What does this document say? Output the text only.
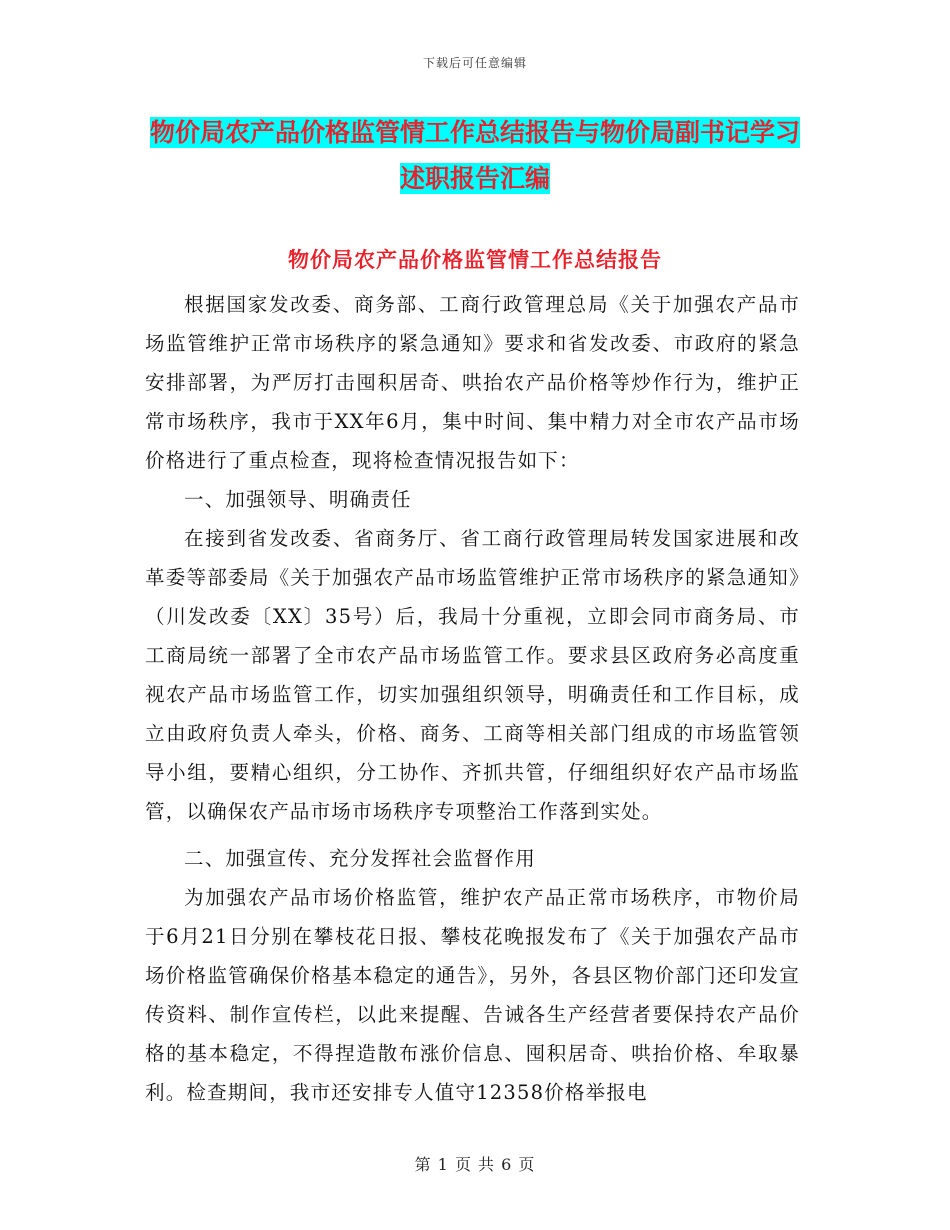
下载后可任意编辑
物价局农产品价格监管情工作总结报告与物价局副书记学习述职报告汇编
物价局农产品价格监管情工作总结报告

根据国家发改委、商务部、工商行政管理总局《关于加强农产品市场监管维护正常市场秩序的紧急通知》要求和省发改委、市政府的紧急安排部署，为严厉打击囤积居奇、哄抬农产品价格等炒作行为，维护正常市场秩序，我市于XX年6月，集中时间、集中精力对全市农产品市场价格进行了重点检查，现将检查情况报告如下：

一、加强领导、明确责任

在接到省发改委、省商务厅、省工商行政管理局转发国家进展和改革委等部委局《关于加强农产品市场监管维护正常市场秩序的紧急通知》（川发改委〔XX〕35号）后，我局十分重视，立即会同市商务局、市工商局统一部署了全市农产品市场监管工作。要求县区政府务必高度重视农产品市场监管工作，切实加强组织领导，明确责任和工作目标，成立由政府负责人牵头，价格、商务、工商等相关部门组成的市场监管领导小组，要精心组织，分工协作、齐抓共管，仔细组织好农产品市场监管，以确保农产品市场市场秩序专项整治工作落到实处。

二、加强宣传、充分发挥社会监督作用

为加强农产品市场价格监管，维护农产品正常市场秩序，市物价局于6月21日分别在攀枝花日报、攀枝花晚报发布了《关于加强农产品市场价格监管确保价格基本稳定的通告》，另外，各县区物价部门还印发宣传资料、制作宣传栏，以此来提醒、告诫各生产经营者要保持农产品价格的基本稳定，不得捏造散布涨价信息、囤积居奇、哄抬价格、牟取暴利。检查期间，我市还安排专人值守12358价格举报电

第 1 页 共 6 页
